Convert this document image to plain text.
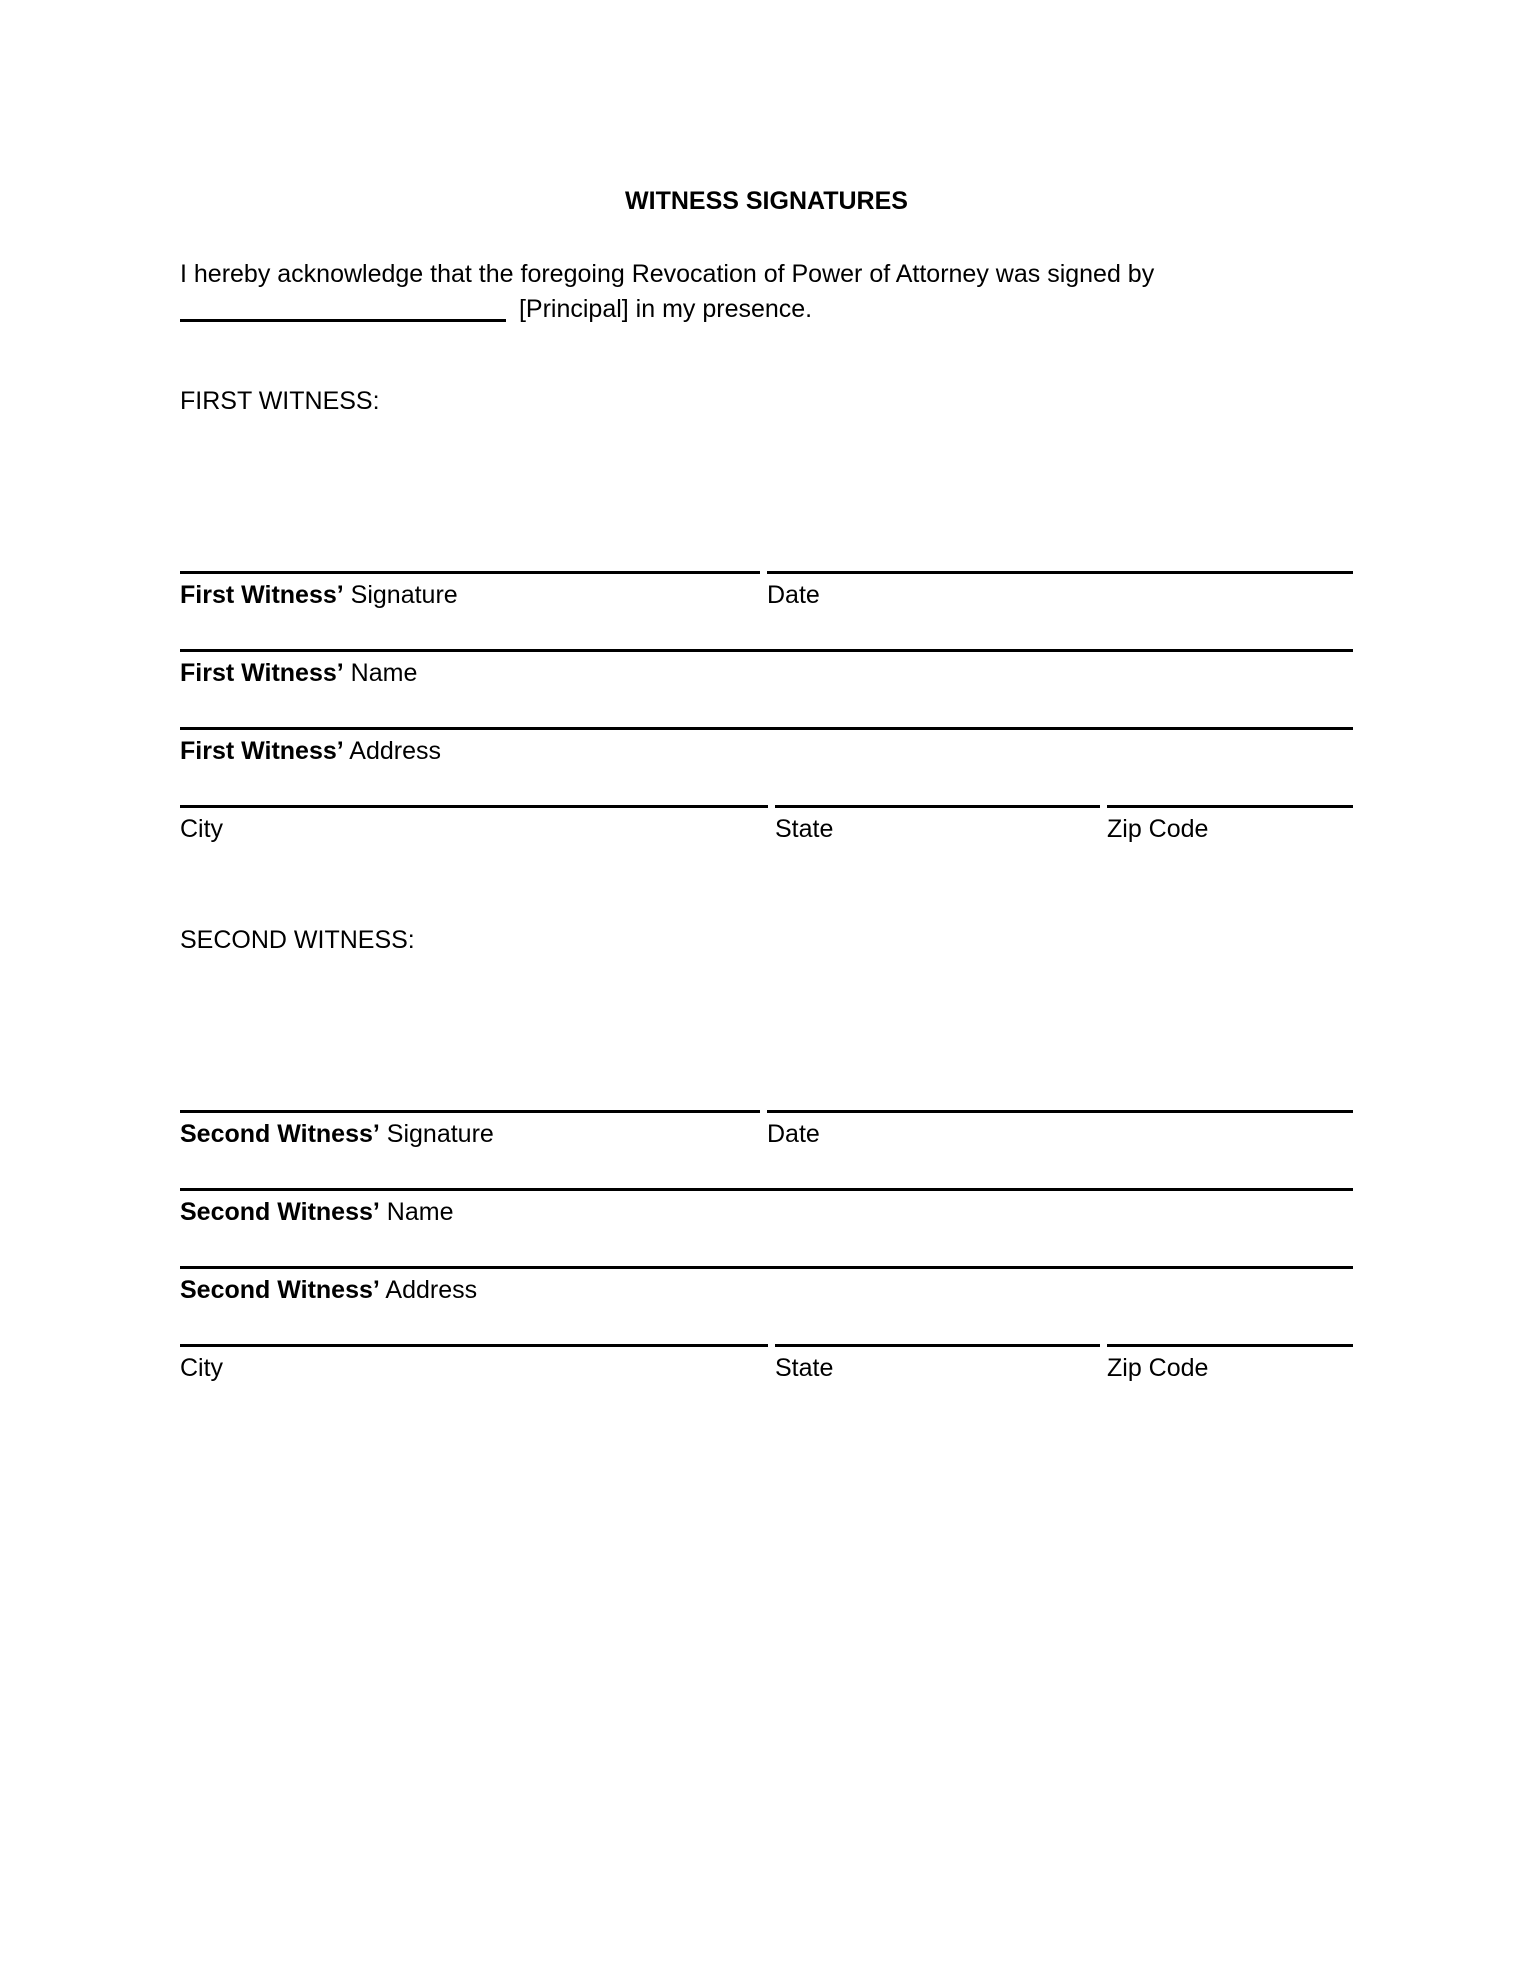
WITNESS SIGNATURES

I hereby acknowledge that the foregoing Revocation of Power of Attorney was signed by
[Principal] in my presence.

FIRST WITNESS:
First Witness’ Signature	Date
First Witness’ Name
First Witness’ Address
City	State	Zip Code
SECOND WITNESS:
Second Witness’ Signature	Date
Second Witness’ Name
Second Witness’ Address
City	State	Zip Code
